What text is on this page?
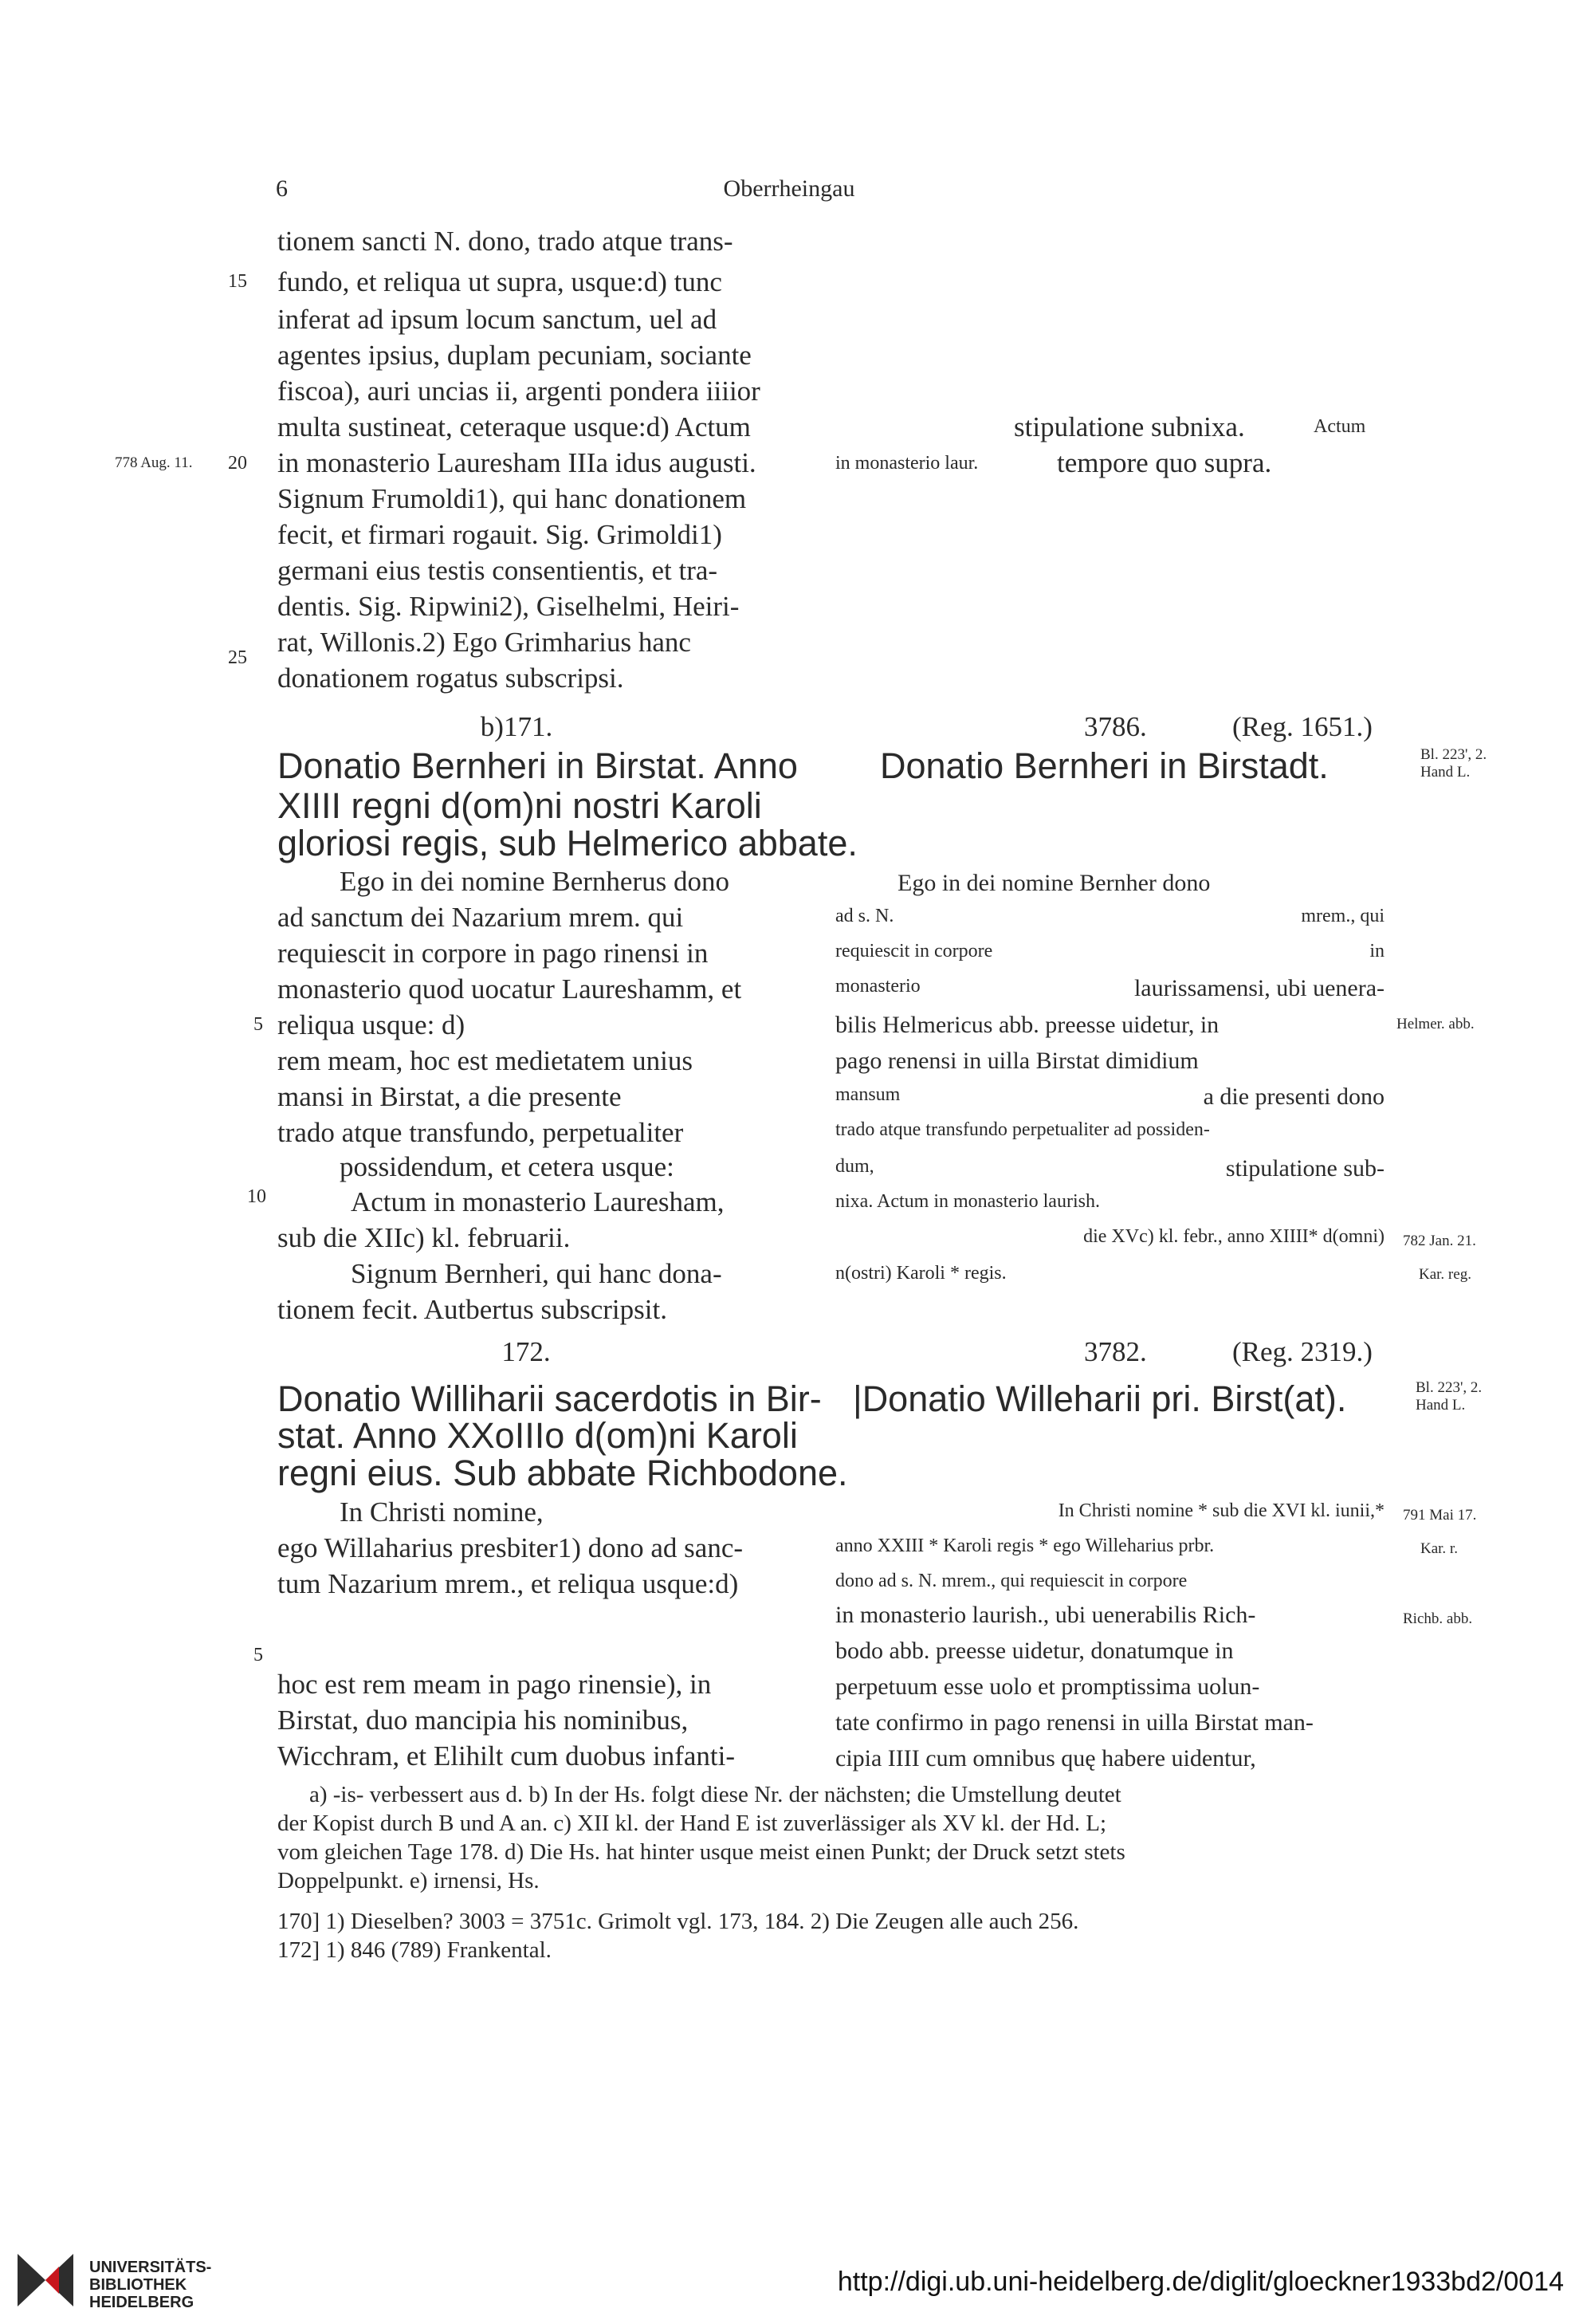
6	Oberrheingau
778 Aug. 11.
15
20
25
5
10
5
tionem sancti N. dono, trado atque trans-
fundo, et reliqua ut supra, usque:d) tunc
inferat ad ipsum locum sanctum, uel ad
agentes ipsius, duplam pecuniam, sociante
fiscoa), auri uncias ii, argenti pondera iiiior
multa sustineat, ceteraque usque:d) Actum
in monasterio Lauresham IIIa idus augusti.
Signum Frumoldi1), qui hanc donationem
fecit, et firmari rogauit. Sig. Grimoldi1)
germani eius testis consentientis, et tra-
dentis. Sig. Ripwini2), Giselhelmi, Heiri-
rat, Willonis.2) Ego Grimharius hanc
donationem rogatus subscripsi.
b)171.
Donatio Bernheri in Birstat. Anno
XIIII regni d(om)ni nostri Karoli
gloriosi regis, sub Helmerico abbate.
Ego in dei nomine Bernherus dono
ad sanctum dei Nazarium mrem. qui
requiescit in corpore in pago rinensi in
monasterio quod uocatur Laureshamm, et
reliqua usque: d)
rem meam, hoc est medietatem unius
mansi in Birstat, a die presente
trado atque transfundo, perpetualiter
possidendum, et cetera usque:
Actum in monasterio Lauresham,
sub die XIIc) kl. februarii.
Signum Bernheri, qui hanc dona-
tionem fecit. Autbertus subscripsit.
172.
Donatio Williharii sacerdotis in Bir-
stat. Anno XXoIIIo d(om)ni Karoli
regni eius. Sub abbate Richbodone.
In Christi nomine,
ego Willaharius presbiter1) dono ad sanc-
tum Nazarium mrem., et reliqua usque:d)
hoc est rem meam in pago rinensie), in
Birstat, duo mancipia his nominibus,
Wicchram, et Elihilt cum duobus infanti-
stipulatione subnixa.	Actum
in monasterio laur.	tempore quo supra.
3786.	(Reg. 1651.)
Donatio Bernheri in Birstadt.
Ego in dei nomine Bernher dono
ad s. N.	mrem., qui
requiescit in corpore	in
monasterio	laurissamensi, ubi uenera-
bilis Helmericus abb. preesse uidetur, in
pago renensi in uilla Birstat dimidium
mansum	a die presenti dono
trado atque transfundo perpetualiter ad possiden-
dum,	stipulatione sub-
nixa. Actum in monasterio laurish.
die XVc) kl. febr., anno XIIII* d(omni)
n(ostri) Karoli * regis.
3782.	(Reg. 2319.)
|Donatio Willeharii pri. Birst(at).
In Christi nomine * sub die XVI kl. iunii,*
anno XXIII * Karoli regis * ego Willeharius prbr.
dono ad s. N. mrem., qui requiescit in corpore
in monasterio laurish., ubi uenerabilis Rich-
bodo abb. preesse uidetur, donatumque in
perpetuum esse uolo et promptissima uolun-
tate confirmo in pago renensi in uilla Birstat man-
cipia IIII cum omnibus quę habere uidentur,
Bl. 223', 2.
Hand L.
Helmer. abb.
782 Jan. 21.
Kar. reg.
Bl. 223', 2.
Hand L.
791 Mai 17.
Kar. r.
Richb. abb.
a) -is- verbessert aus d. b) In der Hs. folgt diese Nr. der nächsten; die Umstellung deutet
der Kopist durch B und A an. c) XII kl. der Hand E ist zuverlässiger als XV kl. der Hd. L;
vom gleichen Tage 178. d) Die Hs. hat hinter usque meist einen Punkt; der Druck setzt stets
Doppelpunkt. e) irnensi, Hs.
170] 1) Dieselben? 3003 = 3751c. Grimolt vgl. 173, 184. 2) Die Zeugen alle auch 256.
172] 1) 846 (789) Frankental.
UNIVERSITÄTS-
BIBLIOTHEK
HEIDELBERG
http://digi.ub.uni-heidelberg.de/diglit/gloeckner1933bd2/0014
